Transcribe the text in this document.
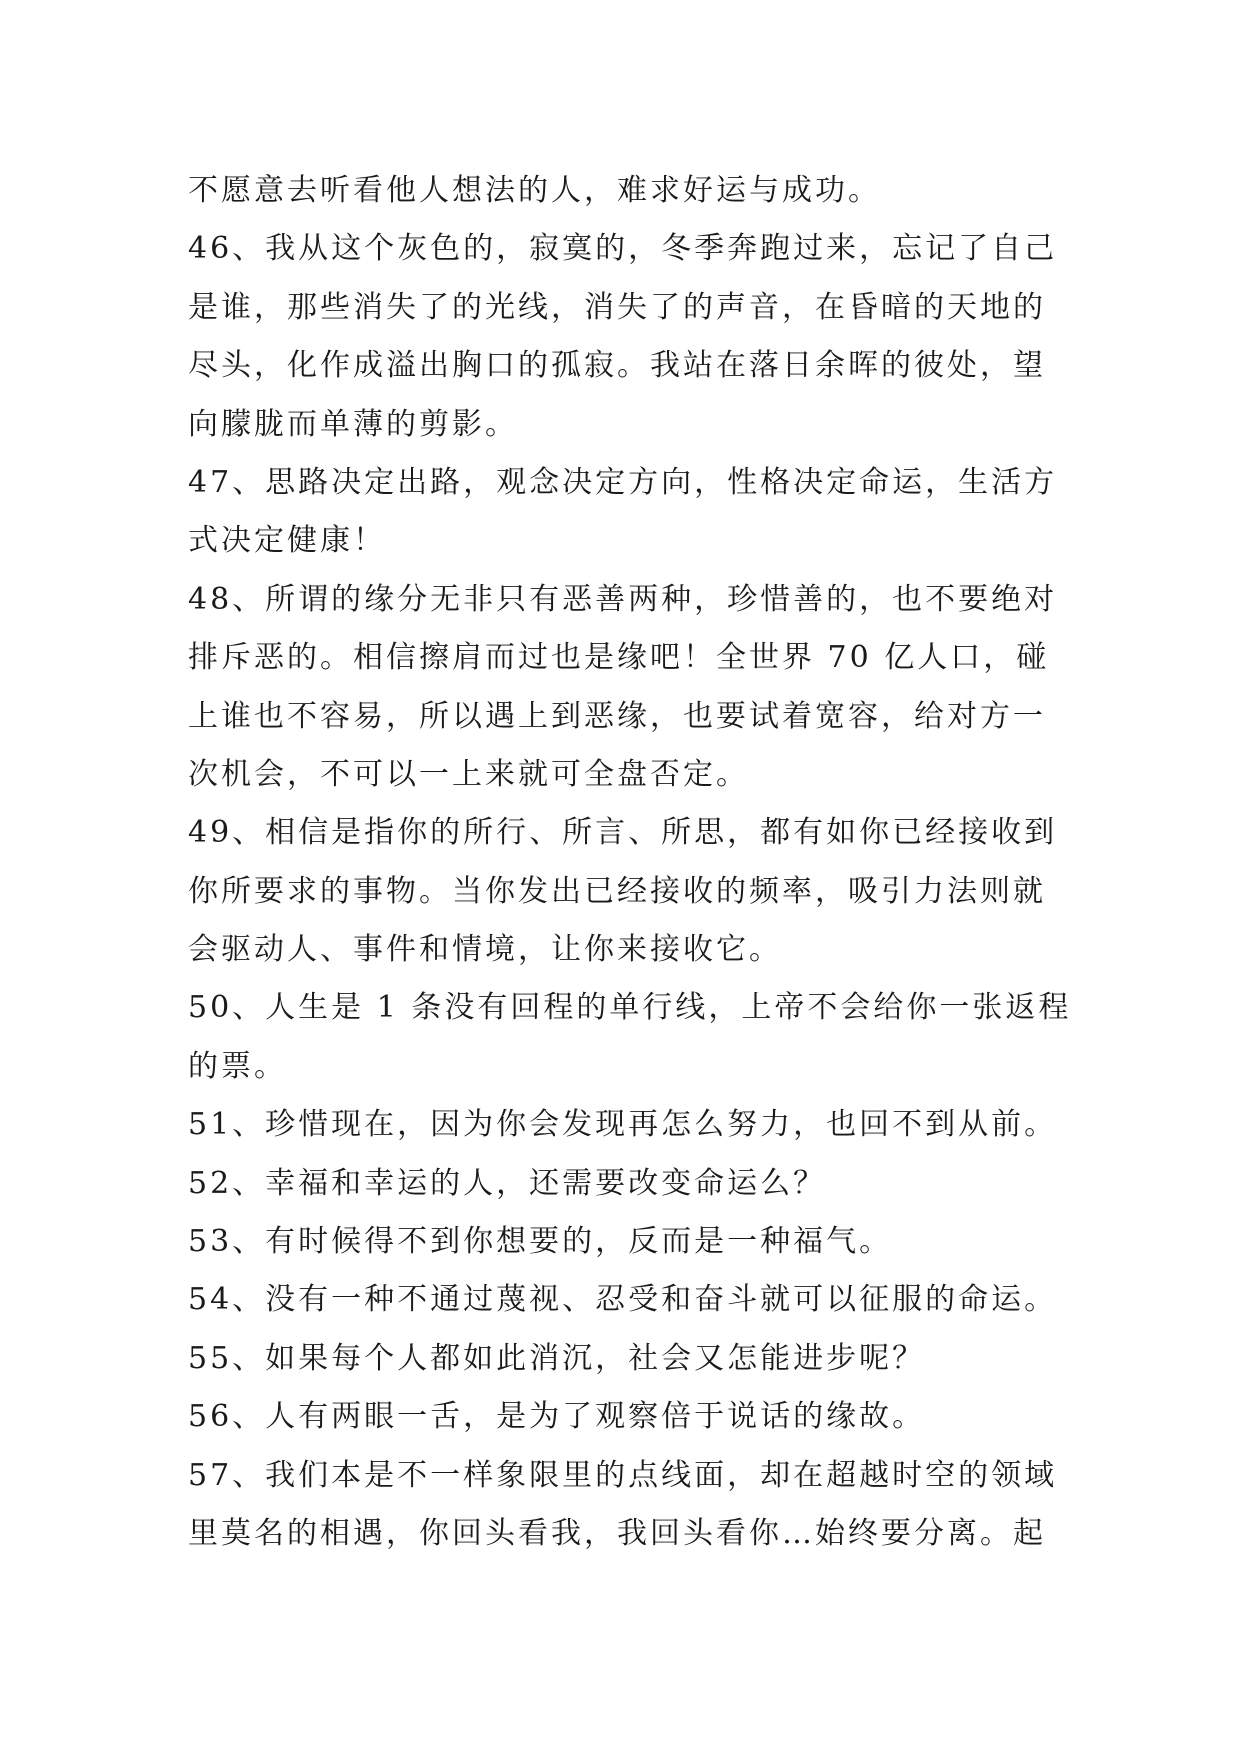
不愿意去听看他人想法的人，难求好运与成功。
46、我从这个灰色的，寂寞的，冬季奔跑过来，忘记了自己
是谁，那些消失了的光线，消失了的声音，在昏暗的天地的
尽头，化作成溢出胸口的孤寂。我站在落日余晖的彼处，望
向朦胧而单薄的剪影。
47、思路决定出路，观念决定方向，性格决定命运，生活方
式决定健康！
48、所谓的缘分无非只有恶善两种，珍惜善的，也不要绝对
排斥恶的。相信擦肩而过也是缘吧！全世界 70 亿人口，碰
上谁也不容易，所以遇上到恶缘，也要试着宽容，给对方一
次机会，不可以一上来就可全盘否定。
49、相信是指你的所行、所言、所思，都有如你已经接收到
你所要求的事物。当你发出已经接收的频率，吸引力法则就
会驱动人、事件和情境，让你来接收它。
50、人生是 1 条没有回程的单行线，上帝不会给你一张返程
的票。
51、珍惜现在，因为你会发现再怎么努力，也回不到从前。
52、幸福和幸运的人，还需要改变命运么？
53、有时候得不到你想要的，反而是一种福气。
54、没有一种不通过蔑视、忍受和奋斗就可以征服的命运。
55、如果每个人都如此消沉，社会又怎能进步呢？
56、人有两眼一舌，是为了观察倍于说话的缘故。
57、我们本是不一样象限里的点线面，却在超越时空的领域
里莫名的相遇，你回头看我，我回头看你…始终要分离。起
